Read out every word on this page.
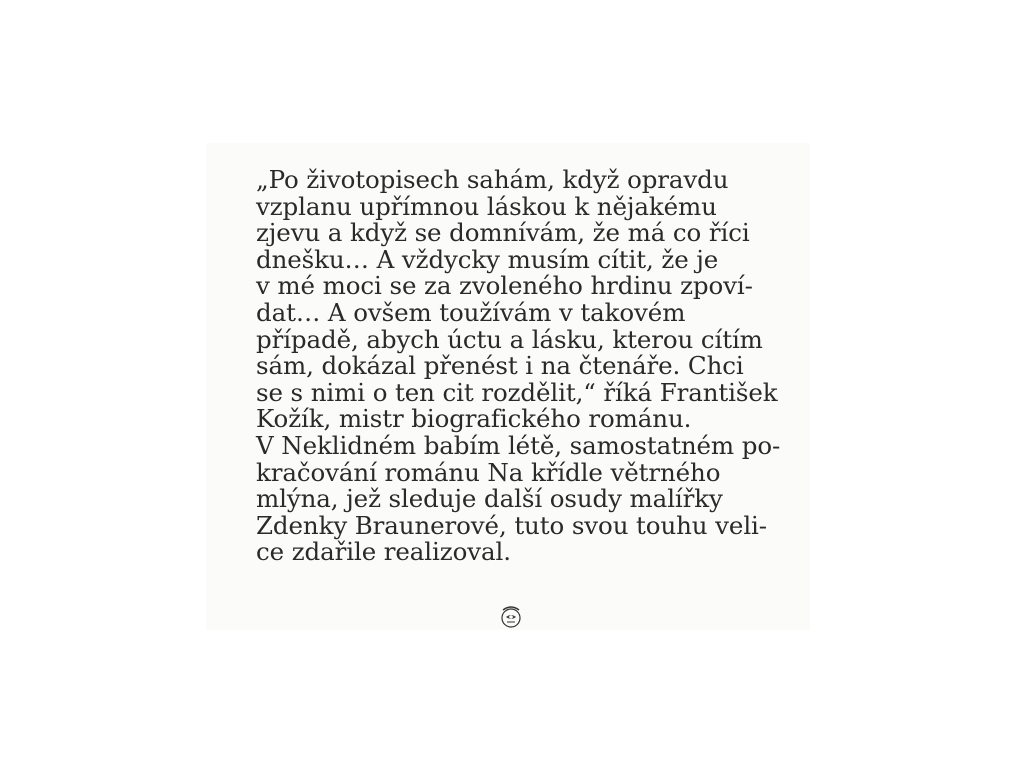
„Po životopisech sahám, když opravdu
vzplanu upřímnou láskou k nějakému
zjevu a když se domnívám, že má co říci
dnešku… A vždycky musím cítit, že je
v mé moci se za zvoleného hrdinu zpoví-
dat… A ovšem toužívám v takovém
případě, abych úctu a lásku, kterou cítím
sám, dokázal přenést i na čtenáře. Chci
se s nimi o ten cit rozdělit,“ říká František
Kožík, mistr biografického románu.
V Neklidném babím létě, samostatném po-
kračování románu Na křídle větrného
mlýna, jež sleduje další osudy malířky
Zdenky Braunerové, tuto svou touhu veli-
ce zdařile realizoval.
